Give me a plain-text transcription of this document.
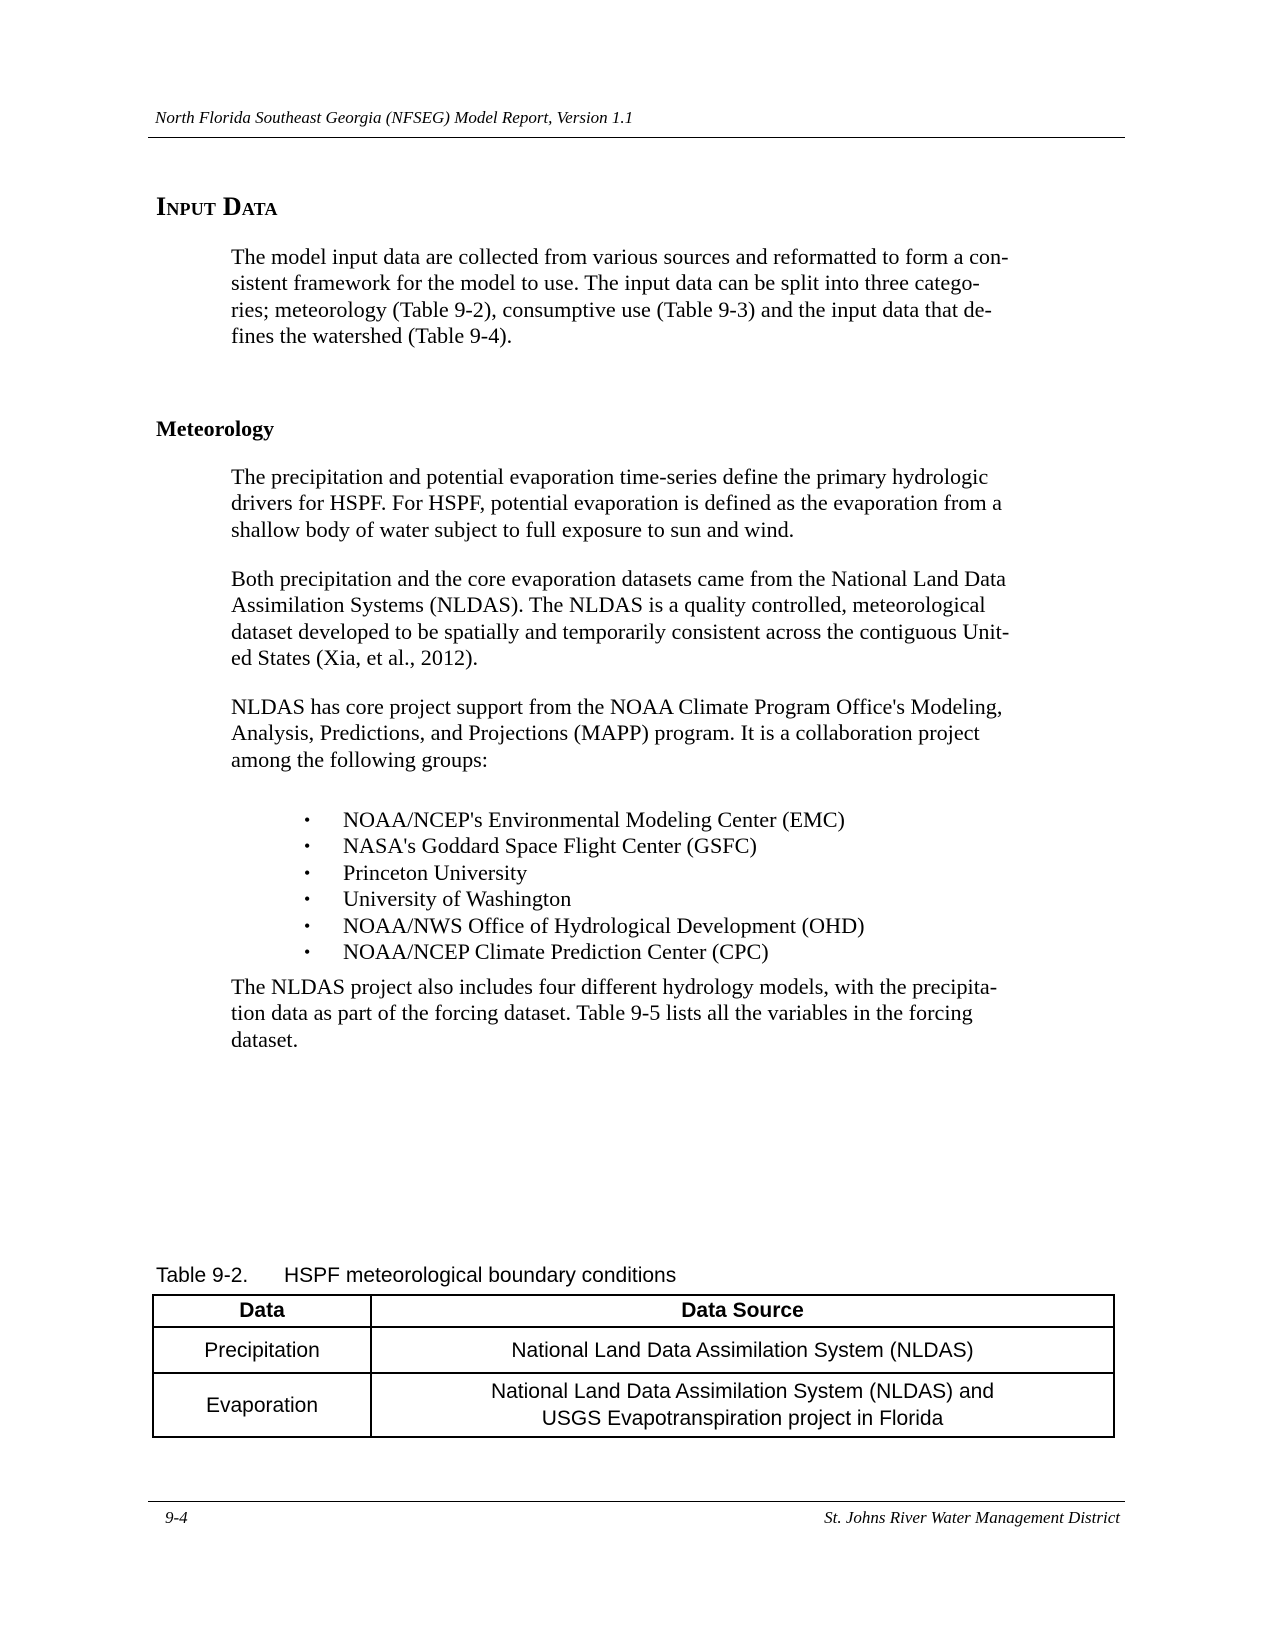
North Florida Southeast Georgia (NFSEG) Model Report, Version 1.1
Input Data
The model input data are collected from various sources and reformatted to form a con-
sistent framework for the model to use. The input data can be split into three catego-
ries; meteorology (Table 9-2), consumptive use (Table 9-3) and the input data that de-
fines the watershed (Table 9-4).
Meteorology
The precipitation and potential evaporation time-series define the primary hydrologic
drivers for HSPF. For HSPF, potential evaporation is defined as the evaporation from a
shallow body of water subject to full exposure to sun and wind.
Both precipitation and the core evaporation datasets came from the National Land Data
Assimilation Systems (NLDAS). The NLDAS is a quality controlled, meteorological
dataset developed to be spatially and temporarily consistent across the contiguous Unit-
ed States (Xia, et al., 2012).
NLDAS has core project support from the NOAA Climate Program Office's Modeling,
Analysis, Predictions, and Projections (MAPP) program. It is a collaboration project
among the following groups:
• NOAA/NCEP's Environmental Modeling Center (EMC)
• NASA's Goddard Space Flight Center (GSFC)
• Princeton University
• University of Washington
• NOAA/NWS Office of Hydrological Development (OHD)
• NOAA/NCEP Climate Prediction Center (CPC)
The NLDAS project also includes four different hydrology models, with the precipita-
tion data as part of the forcing dataset. Table 9-5 lists all the variables in the forcing
dataset.
Table 9-2. HSPF meteorological boundary conditions
Data	Data Source
Precipitation	National Land Data Assimilation System (NLDAS)

Evaporation	National Land Data Assimilation System (NLDAS) and
USGS Evapotranspiration project in Florida
9-4	St. Johns River Water Management District
